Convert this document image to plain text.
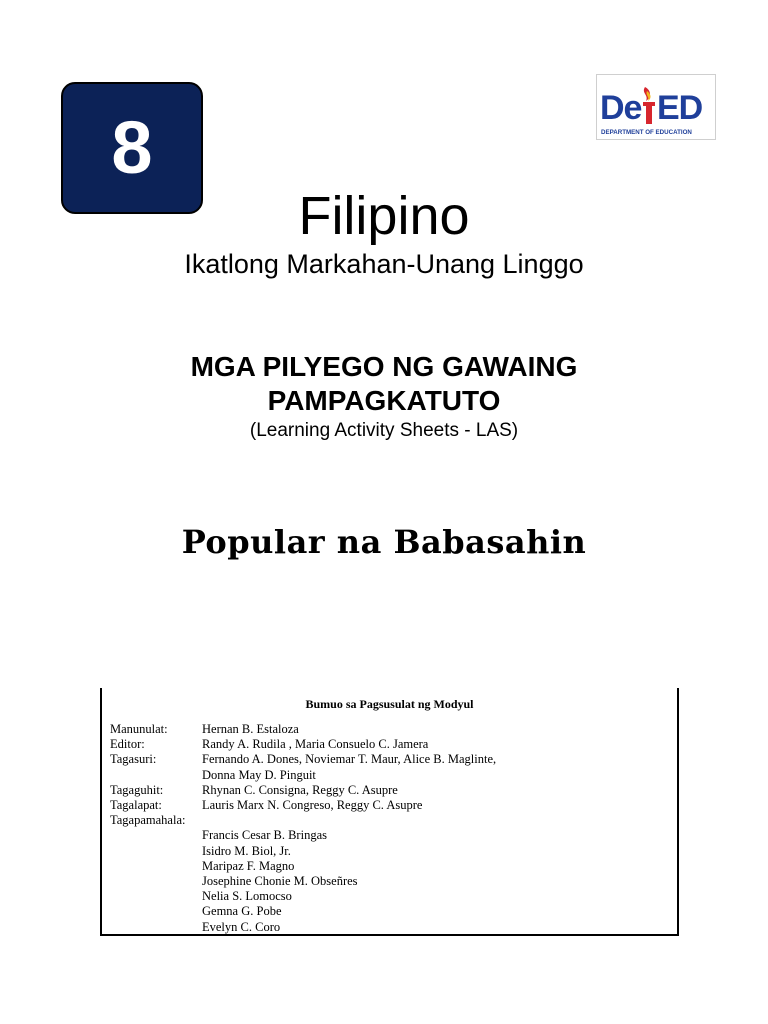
8	De ED
DEPARTMENT OF EDUCATION
Filipino
Ikatlong Markahan-Unang Linggo
MGA PILYEGO NG GAWAING
PAMPAGKATUTO
(Learning Activity Sheets - LAS)
Popular na Babasahin
Bumuo sa Pagsusulat ng Modyul
Manunulat:	Hernan B. Estaloza
Editor:	Randy A. Rudila , Maria Consuelo C. Jamera
Tagasuri:	Fernando A. Dones, Noviemar T. Maur, Alice B. Maglinte,
Donna May D. Pinguit
Tagaguhit:	Rhynan C. Consigna, Reggy C. Asupre
Tagalapat:	Lauris Marx N. Congreso, Reggy C. Asupre
Tagapamahala:
Francis Cesar B. Bringas
Isidro M. Biol, Jr.
Maripaz F. Magno
Josephine Chonie M. Obseñres
Nelia S. Lomocso
Gemna G. Pobe
Evelyn C. Coro
